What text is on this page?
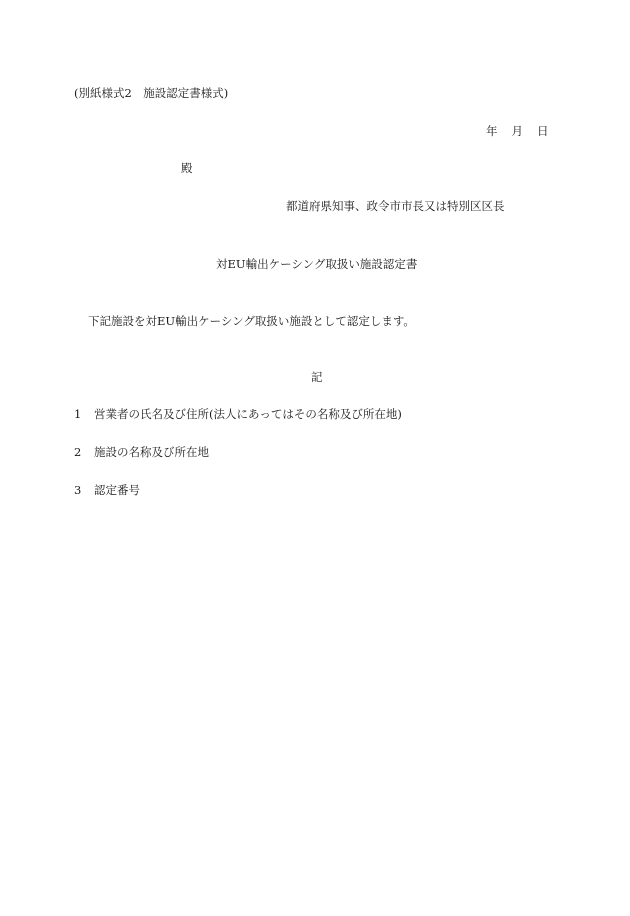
(別紙様式2　施設認定書様式)
年 月 日
殿
都道府県知事、政令市市長又は特別区区長
対EU輸出ケーシング取扱い施設認定書
下記施設を対EU輸出ケーシング取扱い施設として認定します。
記
1 営業者の氏名及び住所(法人にあってはその名称及び所在地)
2 施設の名称及び所在地
3 認定番号
